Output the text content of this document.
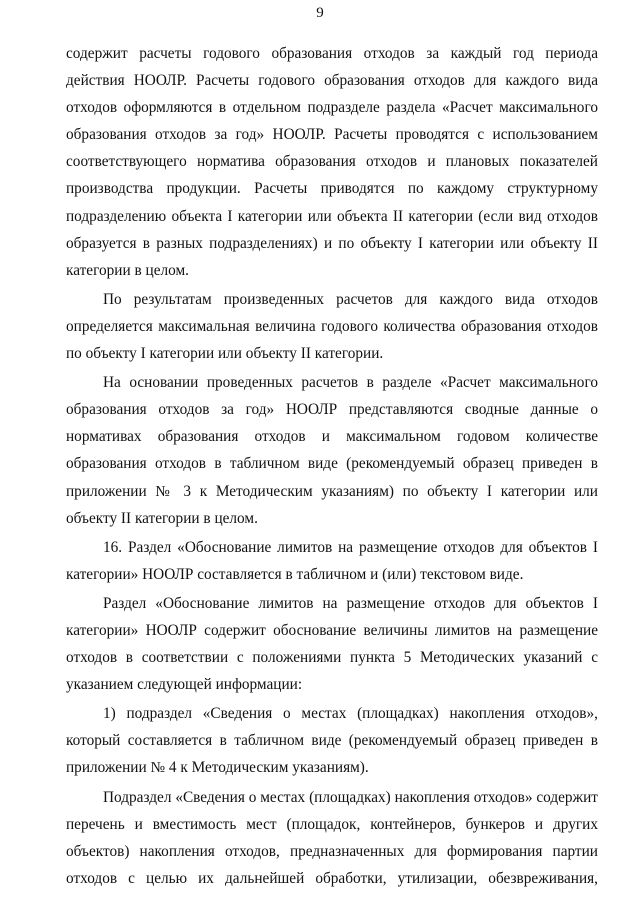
9

содержит расчеты годового образования отходов за каждый год периода действия НООЛР. Расчеты годового образования отходов для каждого вида отходов оформляются в отдельном подразделе раздела «Расчет максимального образования отходов за год» НООЛР. Расчеты проводятся с использованием соответствующего норматива образования отходов и плановых показателей производства продукции. Расчеты приводятся по каждому структурному подразделению объекта I категории или объекта II категории (если вид отходов образуется в разных подразделениях) и по объекту I категории или объекту II категории в целом.

По результатам произведенных расчетов для каждого вида отходов определяется максимальная величина годового количества образования отходов по объекту I категории или объекту II категории.

На основании проведенных расчетов в разделе «Расчет максимального образования отходов за год» НООЛР представляются сводные данные о нормативах образования отходов и максимальном годовом количестве образования отходов в табличном виде (рекомендуемый образец приведен в приложении № 3 к Методическим указаниям) по объекту I категории или объекту II категории в целом.

16. Раздел «Обоснование лимитов на размещение отходов для объектов I категории» НООЛР составляется в табличном и (или) текстовом виде.

Раздел «Обоснование лимитов на размещение отходов для объектов I категории» НООЛР содержит обоснование величины лимитов на размещение отходов в соответствии с положениями пункта 5 Методических указаний с указанием следующей информации:

1) подраздел «Сведения о местах (площадках) накопления отходов», который составляется в табличном виде (рекомендуемый образец приведен в приложении № 4 к Методическим указаниям).

Подраздел «Сведения о местах (площадках) накопления отходов» содержит перечень и вместимость мест (площадок, контейнеров, бункеров и других объектов) накопления отходов, предназначенных для формирования партии отходов с целью их дальнейшей обработки, утилизации, обезвреживания,
